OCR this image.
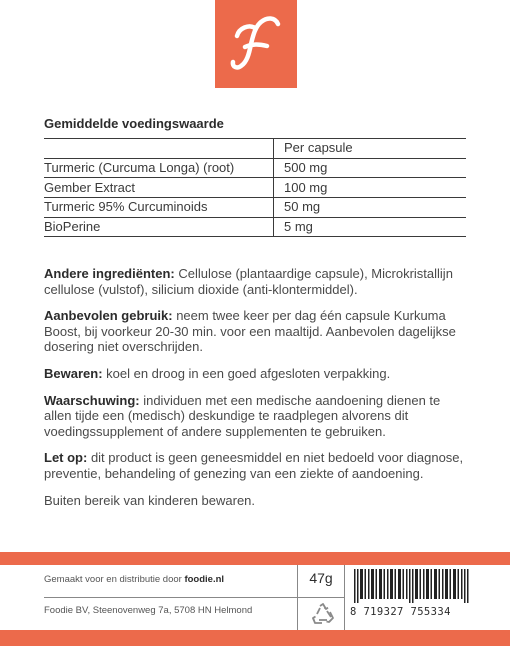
Gemiddelde voedingswaarde
	Per capsule
Turmeric (Curcuma Longa) (root)	500 mg
Gember Extract	100 mg
Turmeric 95% Curcuminoids	50 mg
BioPerine	5 mg

Andere ingrediënten: Cellulose (plantaardige capsule), Microkristallijn cellulose (vulstof), silicium dioxide (anti-klontermiddel).

Aanbevolen gebruik: neem twee keer per dag één capsule Kurkuma Boost, bij voorkeur 20-30 min. voor een maaltijd. Aanbevolen dagelijkse dosering niet overschrijden.

Bewaren: koel en droog in een goed afgesloten verpakking.

Waarschuwing: individuen met een medische aandoening dienen te allen tijde een (medisch) deskundige te raadplegen alvorens dit voedingssupplement of andere supplementen te gebruiken.

Let op: dit product is geen geneesmiddel en niet bedoeld voor diagnose, preventie, behandeling of genezing van een ziekte of aandoening.

Buiten bereik van kinderen bewaren.

Gemaakt voor en distributie door foodie.nl
Foodie BV, Steenovenweg 7a, 5708 HN Helmond
47g
8 719327 755334
